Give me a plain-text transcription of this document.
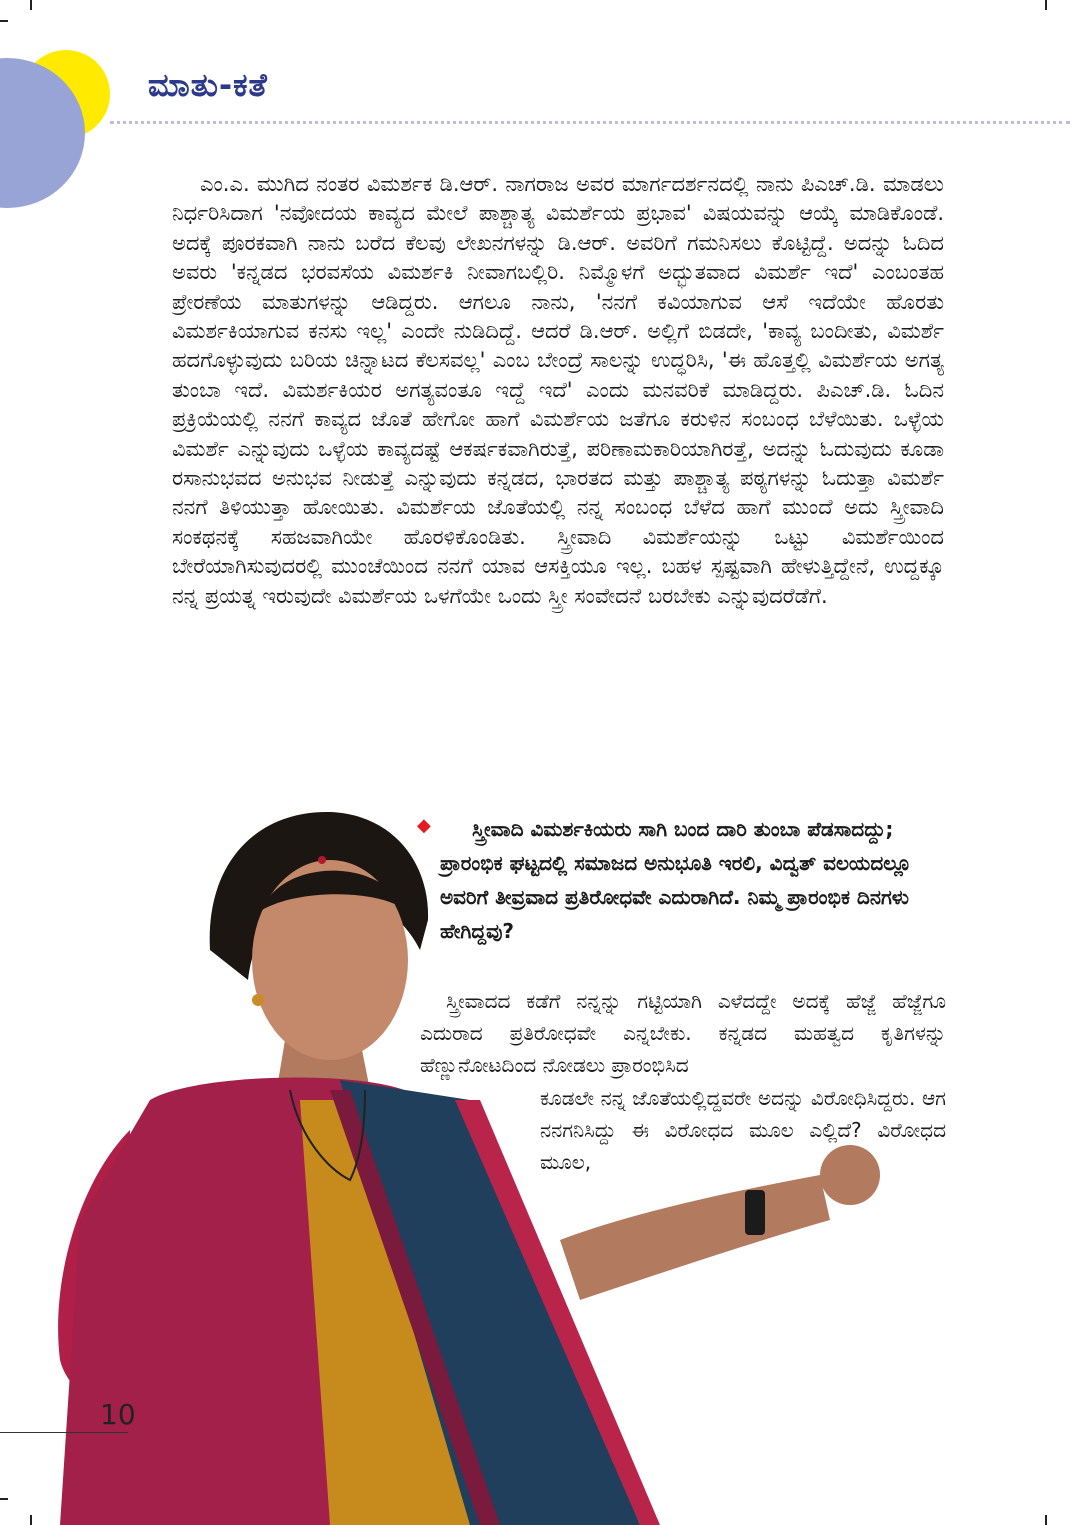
ಮಾತು-ಕತೆ

ಎಂ.ಎ. ಮುಗಿದ ನಂತರ ವಿಮರ್ಶಕ ಡಿ.ಆರ್. ನಾಗರಾಜ ಅವರ ಮಾರ್ಗದರ್ಶನದಲ್ಲಿ ನಾನು ಪಿಎಚ್.ಡಿ. ಮಾಡಲು ನಿರ್ಧರಿಸಿದಾಗ 'ನವೋದಯ ಕಾವ್ಯದ ಮೇಲೆ ಪಾಶ್ಚಾತ್ಯ ವಿಮರ್ಶೆಯ ಪ್ರಭಾವ' ವಿಷಯವನ್ನು ಆಯ್ಕೆ ಮಾಡಿಕೊಂಡೆ. ಅದಕ್ಕೆ ಪೂರಕವಾಗಿ ನಾನು ಬರೆದ ಕೆಲವು ಲೇಖನಗಳನ್ನು ಡಿ.ಆರ್. ಅವರಿಗೆ ಗಮನಿಸಲು ಕೊಟ್ಟಿದ್ದೆ. ಅದನ್ನು ಓದಿದ ಅವರು 'ಕನ್ನಡದ ಭರವಸೆಯ ವಿಮರ್ಶಕಿ ನೀವಾಗಬಲ್ಲಿರಿ. ನಿಮ್ಮೊಳಗೆ ಅದ್ಭುತವಾದ ವಿಮರ್ಶೆ ಇದೆ' ಎಂಬಂತಹ ಪ್ರೇರಣೆಯ ಮಾತುಗಳನ್ನು ಆಡಿದ್ದರು. ಆಗಲೂ ನಾನು, 'ನನಗೆ ಕವಿಯಾಗುವ ಆಸೆ ಇದೆಯೇ ಹೊರತು ವಿಮರ್ಶಕಿಯಾಗುವ ಕನಸು ಇಲ್ಲ' ಎಂದೇ ನುಡಿದಿದ್ದೆ. ಆದರೆ ಡಿ.ಆರ್. ಅಲ್ಲಿಗೆ ಬಿಡದೇ, 'ಕಾವ್ಯ ಬಂದೀತು, ವಿಮರ್ಶೆ ಹದಗೊಳ್ಳುವುದು ಬರಿಯ ಚಿನ್ನಾಟದ ಕೆಲಸವಲ್ಲ' ಎಂಬ ಬೇಂದ್ರೆ ಸಾಲನ್ನು ಉದ್ಧರಿಸಿ, 'ಈ ಹೊತ್ತಲ್ಲಿ ವಿಮರ್ಶೆಯ ಅಗತ್ಯ ತುಂಬಾ ಇದೆ. ವಿಮರ್ಶಕಿಯರ ಅಗತ್ಯವಂತೂ ಇದ್ದೆ ಇದೆ' ಎಂದು ಮನವರಿಕೆ ಮಾಡಿದ್ದರು. ಪಿಎಚ್.ಡಿ. ಓದಿನ ಪ್ರಕ್ರಿಯೆಯಲ್ಲಿ ನನಗೆ ಕಾವ್ಯದ ಜೊತೆ ಹೇಗೋ ಹಾಗೆ ವಿಮರ್ಶೆಯ ಜತೆಗೂ ಕರುಳಿನ ಸಂಬಂಧ ಬೆಳೆಯಿತು. ಒಳ್ಳೆಯ ವಿಮರ್ಶೆ ಎನ್ನುವುದು ಒಳ್ಳೆಯ ಕಾವ್ಯದಷ್ಟೆ ಆಕರ್ಷಕವಾಗಿರುತ್ತೆ, ಪರಿಣಾಮಕಾರಿಯಾಗಿರತ್ತೆ, ಅದನ್ನು ಓದುವುದು ಕೂಡಾ ರಸಾನುಭವದ ಅನುಭವ ನೀಡುತ್ತೆ ಎನ್ನುವುದು ಕನ್ನಡದ, ಭಾರತದ ಮತ್ತು ಪಾಶ್ಚಾತ್ಯ ಪಠ್ಯಗಳನ್ನು ಓದುತ್ತಾ ವಿಮರ್ಶೆ ನನಗೆ ತಿಳಿಯುತ್ತಾ ಹೋಯಿತು. ವಿಮರ್ಶೆಯ ಜೊತೆಯಲ್ಲಿ ನನ್ನ ಸಂಬಂಧ ಬೆಳೆದ ಹಾಗೆ ಮುಂದೆ ಅದು ಸ್ತ್ರೀವಾದಿ ಸಂಕಥನಕ್ಕೆ ಸಹಜವಾಗಿಯೇ ಹೊರಳಿಕೊಂಡಿತು. ಸ್ತ್ರೀವಾದಿ ವಿಮರ್ಶೆಯನ್ನು ಒಟ್ಟು ವಿಮರ್ಶೆಯಿಂದ ಬೇರೆಯಾಗಿಸುವುದರಲ್ಲಿ ಮುಂಚೆಯಿಂದ ನನಗೆ ಯಾವ ಆಸಕ್ತಿಯೂ ಇಲ್ಲ. ಬಹಳ ಸ್ಪಷ್ಟವಾಗಿ ಹೇಳುತ್ತಿದ್ದೇನೆ, ಉದ್ದಕ್ಕೂ ನನ್ನ ಪ್ರಯತ್ನ ಇರುವುದೇ ವಿಮರ್ಶೆಯ ಒಳಗೆಯೇ ಒಂದು ಸ್ತ್ರೀ ಸಂವೇದನೆ ಬರಬೇಕು ಎನ್ನುವುದರೆಡೆಗೆ.

◆	ಸ್ತ್ರೀವಾದಿ ವಿಮರ್ಶಕಿಯರು ಸಾಗಿ ಬಂದ ದಾರಿ ತುಂಬಾ ಪೆಡಸಾದದ್ದು; ಪ್ರಾರಂಭಿಕ ಘಟ್ಟದಲ್ಲಿ ಸಮಾಜದ ಅನುಭೂತಿ ಇರಲಿ, ವಿದ್ವತ್ ವಲಯದಲ್ಲೂ ಅವರಿಗೆ ತೀವ್ರವಾದ ಪ್ರತಿರೋಧವೇ ಎದುರಾಗಿದೆ. ನಿಮ್ಮ ಪ್ರಾರಂಭಿಕ ದಿನಗಳು ಹೇಗಿದ್ದವು?

ಸ್ತ್ರೀವಾದದ ಕಡೆಗೆ ನನ್ನನ್ನು ಗಟ್ಟಿಯಾಗಿ ಎಳೆದದ್ದೇ ಅದಕ್ಕೆ ಹೆಜ್ಜೆ ಹೆಜ್ಜೆಗೂ ಎದುರಾದ ಪ್ರತಿರೋಧವೇ ಎನ್ನಬೇಕು. ಕನ್ನಡದ ಮಹತ್ವದ ಕೃತಿಗಳನ್ನು ಹೆಣ್ಣುನೋಟದಿಂದ ನೋಡಲು ಪ್ರಾರಂಭಿಸಿದ

ಕೂಡಲೇ ನನ್ನ ಜೊತೆಯಲ್ಲಿದ್ದವರೇ ಅದನ್ನು ವಿರೋಧಿಸಿದ್ದರು. ಆಗ ನನಗನಿಸಿದ್ದು ಈ ವಿರೋಧದ ಮೂಲ ಎಲ್ಲಿದೆ? ವಿರೋಧದ ಮೂಲ,

10
